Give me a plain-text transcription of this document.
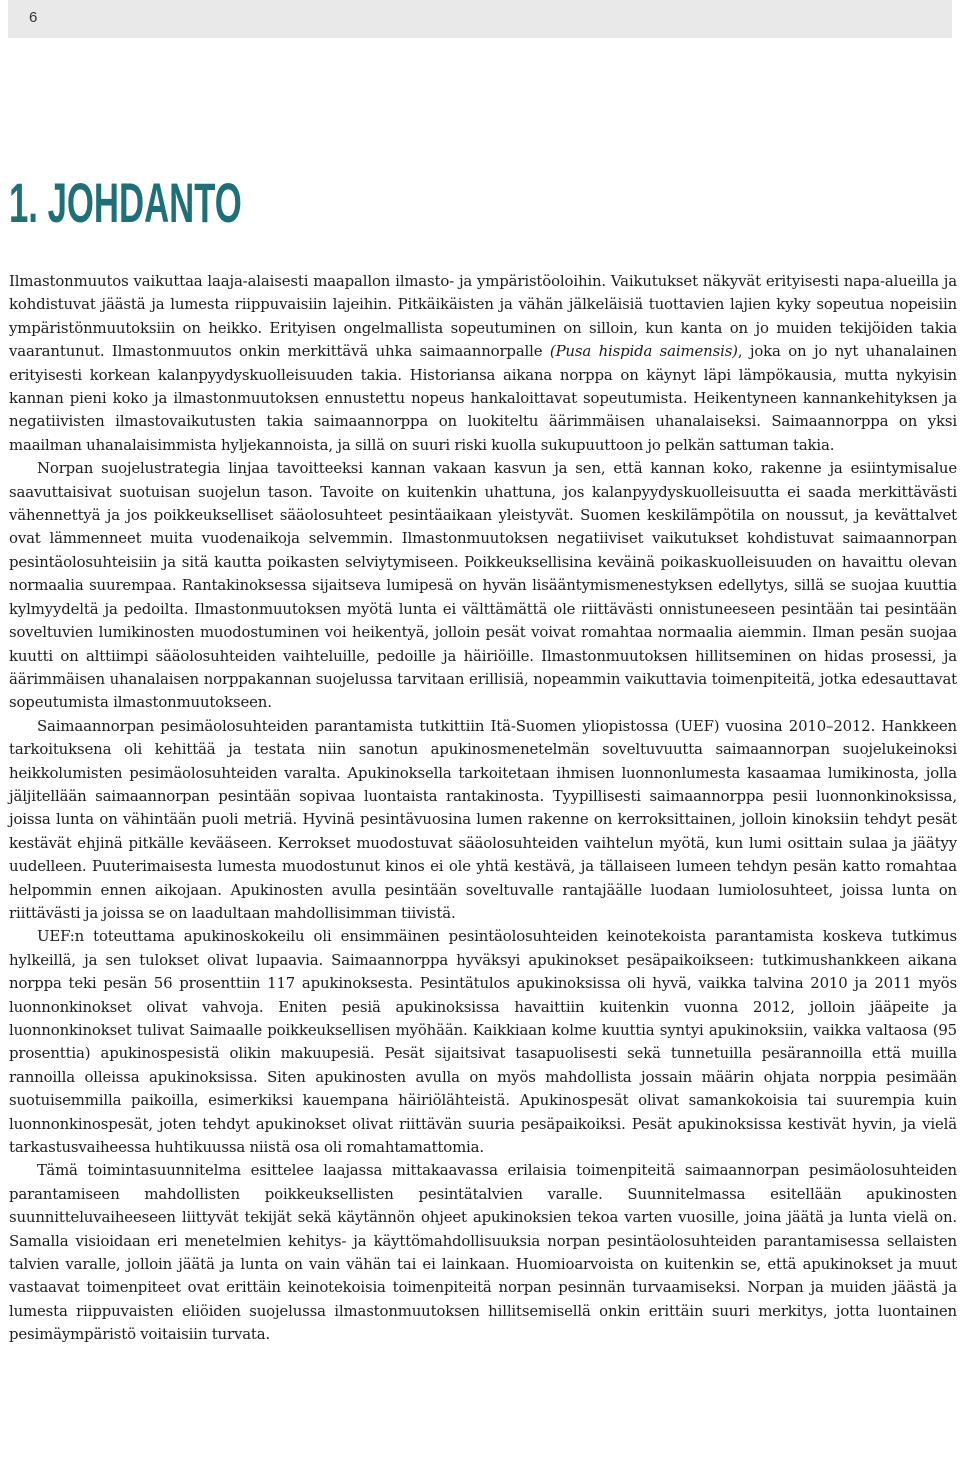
6
1. JOHDANTO

Ilmastonmuutos vaikuttaa laaja-alaisesti maapallon ilmasto- ja ympäristöoloihin. Vaikutukset näkyvät erityisesti napa-alueilla ja kohdistuvat jäästä ja lumesta riippuvaisiin lajeihin. Pitkäikäisten ja vähän jälkeläisiä tuottavien lajien kyky sopeutua nopeisiin ympäristönmuutoksiin on heikko. Erityisen ongelmallista sopeutuminen on silloin, kun kanta on jo muiden tekijöiden takia vaarantunut. Ilmastonmuutos onkin merkittävä uhka saimaannorpalle (Pusa hispida saimensis), joka on jo nyt uhanalainen erityisesti korkean kalanpyydyskuolleisuuden takia. Historiansa aikana norppa on käynyt läpi lämpökausia, mutta nykyisin kannan pieni koko ja ilmastonmuutoksen ennustettu nopeus hankaloittavat sopeutumista. Heikentyneen kannankehityksen ja negatiivisten ilmastovaikutusten takia saimaannorppa on luokiteltu äärimmäisen uhanalaiseksi. Saimaannorppa on yksi maailman uhanalaisimmista hyljekannoista, ja sillä on suuri riski kuolla sukupuuttoon jo pelkän sattuman takia.

Norpan suojelustrategia linjaa tavoitteeksi kannan vakaan kasvun ja sen, että kannan koko, rakenne ja esiintymisalue saavuttaisivat suotuisan suojelun tason. Tavoite on kuitenkin uhattuna, jos kalanpyydyskuolleisuutta ei saada merkittävästi vähennettyä ja jos poikkeukselliset sääolosuhteet pesintäaikaan yleistyvät. Suomen keskilämpötila on noussut, ja kevättalvet ovat lämmenneet muita vuodenaikoja selvemmin. Ilmastonmuutoksen negatiiviset vaikutukset kohdistuvat saimaannorpan pesintäolosuhteisiin ja sitä kautta poikasten selviytymiseen. Poikkeuksellisina keväinä poikaskuolleisuuden on havaittu olevan normaalia suurempaa. Rantakinoksessa sijaitseva lumipesä on hyvän lisääntymismenestyksen edellytys, sillä se suojaa kuuttia kylmyydeltä ja pedoilta. Ilmastonmuutoksen myötä lunta ei välttämättä ole riittävästi onnistuneeseen pesintään tai pesintään soveltuvien lumikinosten muodostuminen voi heikentyä, jolloin pesät voivat romahtaa normaalia aiemmin. Ilman pesän suojaa kuutti on alttiimpi sääolosuhteiden vaihteluille, pedoille ja häiriöille. Ilmastonmuutoksen hillitseminen on hidas prosessi, ja äärimmäisen uhanalaisen norppakannan suojelussa tarvitaan erillisiä, nopeammin vaikuttavia toimenpiteitä, jotka edesauttavat sopeutumista ilmastonmuutokseen.

Saimaannorpan pesimäolosuhteiden parantamista tutkittiin Itä-Suomen yliopistossa (UEF) vuosina 2010–2012. Hankkeen tarkoituksena oli kehittää ja testata niin sanotun apukinosmenetelmän soveltuvuutta saimaannorpan suojelukeinoksi heikkolumisten pesimäolosuhteiden varalta. Apukinoksella tarkoitetaan ihmisen luonnonlumesta kasaamaa lumikinosta, jolla jäljitellään saimaannorpan pesintään sopivaa luontaista rantakinosta. Tyypillisesti saimaannorppa pesii luonnonkinoksissa, joissa lunta on vähintään puoli metriä. Hyvinä pesintävuosina lumen rakenne on kerroksittainen, jolloin kinoksiin tehdyt pesät kestävät ehjinä pitkälle kevääseen. Kerrokset muodostuvat sääolosuhteiden vaihtelun myötä, kun lumi osittain sulaa ja jäätyy uudelleen. Puuterimaisesta lumesta muodostunut kinos ei ole yhtä kestävä, ja tällaiseen lumeen tehdyn pesän katto romahtaa helpommin ennen aikojaan. Apukinosten avulla pesintään soveltuvalle rantajäälle luodaan lumiolosuhteet, joissa lunta on riittävästi ja joissa se on laadultaan mahdollisimman tiivistä.

UEF:n toteuttama apukinoskokeilu oli ensimmäinen pesintäolosuhteiden keinotekoista parantamista koskeva tutkimus hylkeillä, ja sen tulokset olivat lupaavia. Saimaannorppa hyväksyi apukinokset pesäpaikoikseen: tutkimushankkeen aikana norppa teki pesän 56 prosenttiin 117 apukinoksesta. Pesintätulos apukinoksissa oli hyvä, vaikka talvina 2010 ja 2011 myös luonnonkinokset olivat vahvoja. Eniten pesiä apukinoksissa havaittiin kuitenkin vuonna 2012, jolloin jääpeite ja luonnonkinokset tulivat Saimaalle poikkeuksellisen myöhään. Kaikkiaan kolme kuuttia syntyi apukinoksiin, vaikka valtaosa (95 prosenttia) apukinospesistä olikin makuupesiä. Pesät sijaitsivat tasapuolisesti sekä tunnetuilla pesärannoilla että muilla rannoilla olleissa apukinoksissa. Siten apukinosten avulla on myös mahdollista jossain määrin ohjata norppia pesimään suotuisemmilla paikoilla, esimerkiksi kauempana häiriölähteistä. Apukinospesät olivat samankokoisia tai suurempia kuin luonnonkinospesät, joten tehdyt apukinokset olivat riittävän suuria pesäpaikoiksi. Pesät apukinoksissa kestivät hyvin, ja vielä tarkastusvaiheessa huhtikuussa niistä osa oli romahtamattomia.

Tämä toimintasuunnitelma esittelee laajassa mittakaavassa erilaisia toimenpiteitä saimaannorpan pesimäolosuhteiden parantamiseen mahdollisten poikkeuksellisten pesintätalvien varalle. Suunnitelmassa esitellään apukinosten suunnitteluvaiheeseen liittyvät tekijät sekä käytännön ohjeet apukinoksien tekoa varten vuosille, joina jäätä ja lunta vielä on. Samalla visioidaan eri menetelmien kehitys- ja käyttömahdollisuuksia norpan pesintäolosuhteiden parantamisessa sellaisten talvien varalle, jolloin jäätä ja lunta on vain vähän tai ei lainkaan. Huomioarvoista on kuitenkin se, että apukinokset ja muut vastaavat toimenpiteet ovat erittäin keinotekoisia toimenpiteitä norpan pesinnän turvaamiseksi. Norpan ja muiden jäästä ja lumesta riippuvaisten eliöiden suojelussa ilmastonmuutoksen hillitsemisellä onkin erittäin suuri merkitys, jotta luontainen pesimäympäristö voitaisiin turvata.
